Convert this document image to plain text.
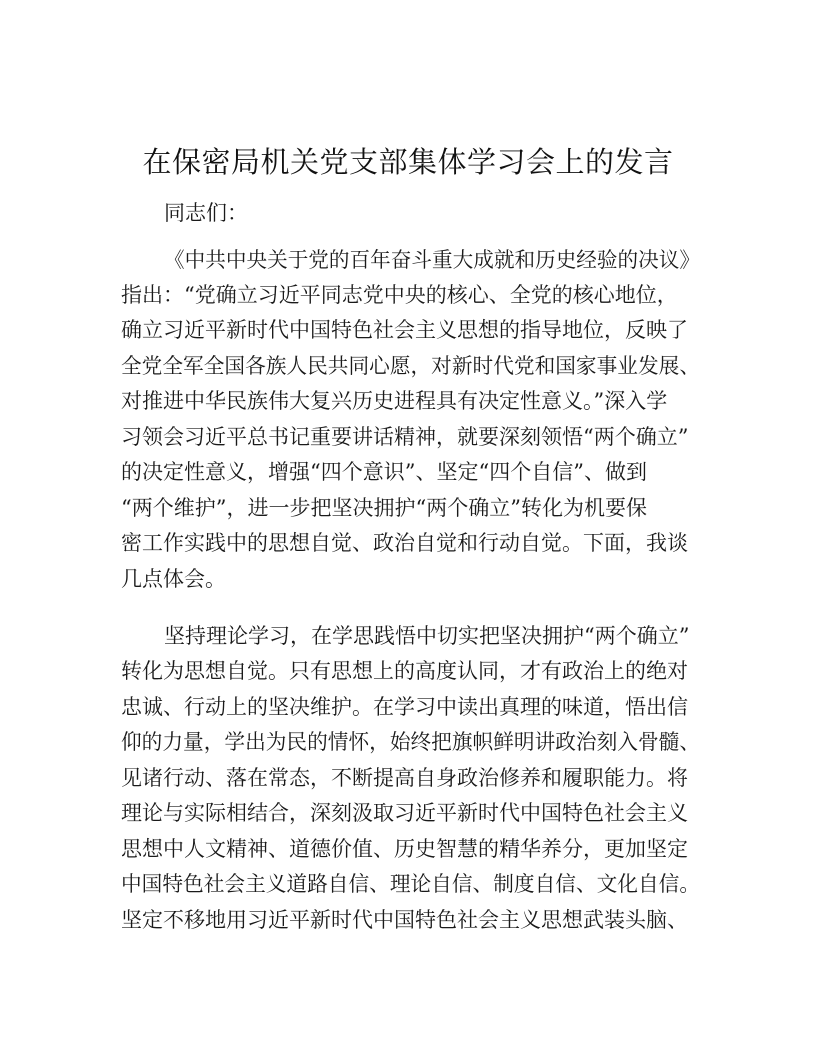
在保密局机关党支部集体学习会上的发言
同志们：
《中共中央关于党的百年奋斗重大成就和历史经验的决议》
指出：“党确立习近平同志党中央的核心、全党的核心地位，
确立习近平新时代中国特色社会主义思想的指导地位，反映了
全党全军全国各族人民共同心愿，对新时代党和国家事业发展、
对推进中华民族伟大复兴历史进程具有决定性意义。”深入学
习领会习近平总书记重要讲话精神，就要深刻领悟“两个确立”
的决定性意义，增强“四个意识”、坚定“四个自信”、做到
“两个维护”，进一步把坚决拥护“两个确立”转化为机要保
密工作实践中的思想自觉、政治自觉和行动自觉。下面，我谈
几点体会。
坚持理论学习，在学思践悟中切实把坚决拥护“两个确立”
转化为思想自觉。只有思想上的高度认同，才有政治上的绝对
忠诚、行动上的坚决维护。在学习中读出真理的味道，悟出信
仰的力量，学出为民的情怀，始终把旗帜鲜明讲政治刻入骨髓、
见诸行动、落在常态，不断提高自身政治修养和履职能力。将
理论与实际相结合，深刻汲取习近平新时代中国特色社会主义
思想中人文精神、道德价值、历史智慧的精华养分，更加坚定
中国特色社会主义道路自信、理论自信、制度自信、文化自信。
坚定不移地用习近平新时代中国特色社会主义思想武装头脑、
